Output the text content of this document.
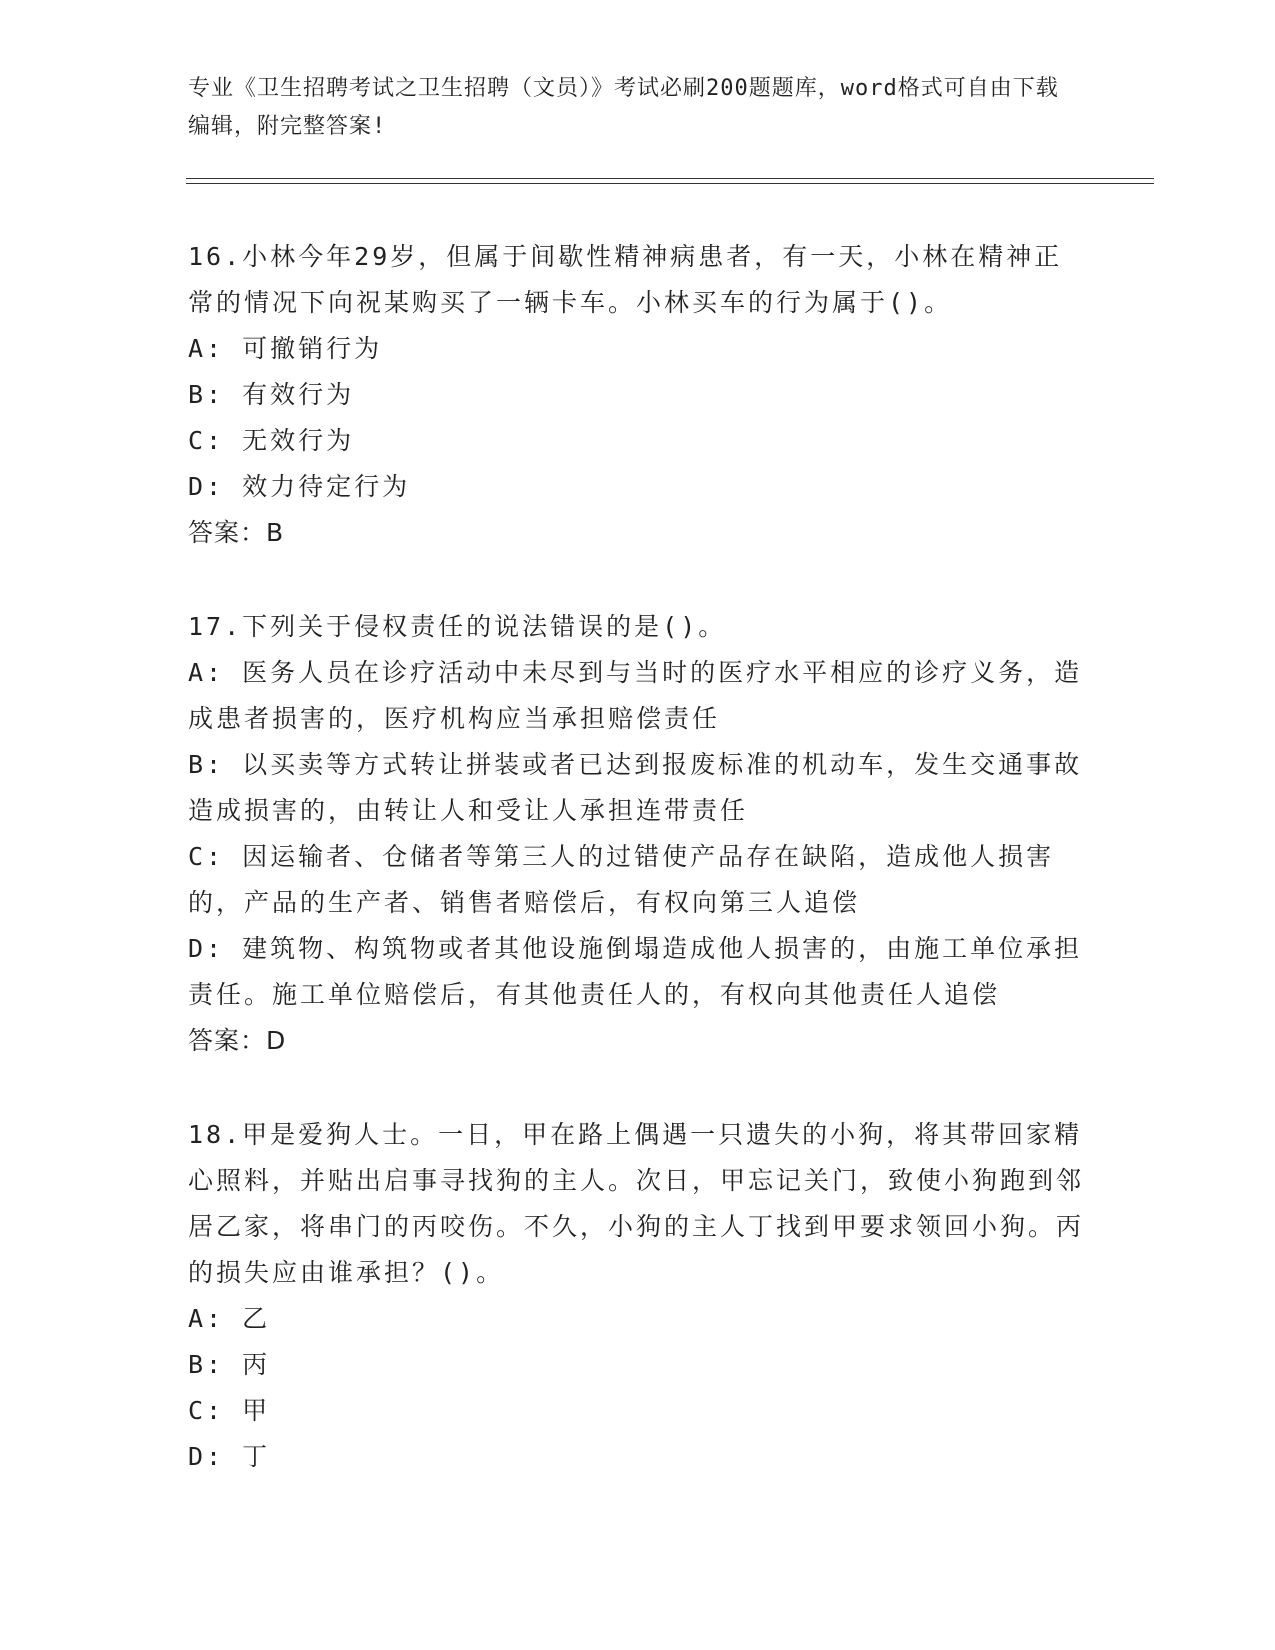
专业《卫生招聘考试之卫生招聘（文员）》考试必刷200题题库，word格式可自由下载编辑，附完整答案!
16.小林今年29岁，但属于间歇性精神病患者，有一天，小林在精神正常的情况下向祝某购买了一辆卡车。小林买车的行为属于()。
A: 可撤销行为
B: 有效行为
C: 无效行为
D: 效力待定行为
答案：B
17.下列关于侵权责任的说法错误的是()。
A: 医务人员在诊疗活动中未尽到与当时的医疗水平相应的诊疗义务，造成患者损害的，医疗机构应当承担赔偿责任
B: 以买卖等方式转让拼装或者已达到报废标准的机动车，发生交通事故造成损害的，由转让人和受让人承担连带责任
C: 因运输者、仓储者等第三人的过错使产品存在缺陷，造成他人损害的，产品的生产者、销售者赔偿后，有权向第三人追偿
D: 建筑物、构筑物或者其他设施倒塌造成他人损害的，由施工单位承担责任。施工单位赔偿后，有其他责任人的，有权向其他责任人追偿
答案：D
18.甲是爱狗人士。一日，甲在路上偶遇一只遗失的小狗，将其带回家精心照料，并贴出启事寻找狗的主人。次日，甲忘记关门，致使小狗跑到邻居乙家，将串门的丙咬伤。不久，小狗的主人丁找到甲要求领回小狗。丙的损失应由谁承担？()。
A: 乙
B: 丙
C: 甲
D: 丁
